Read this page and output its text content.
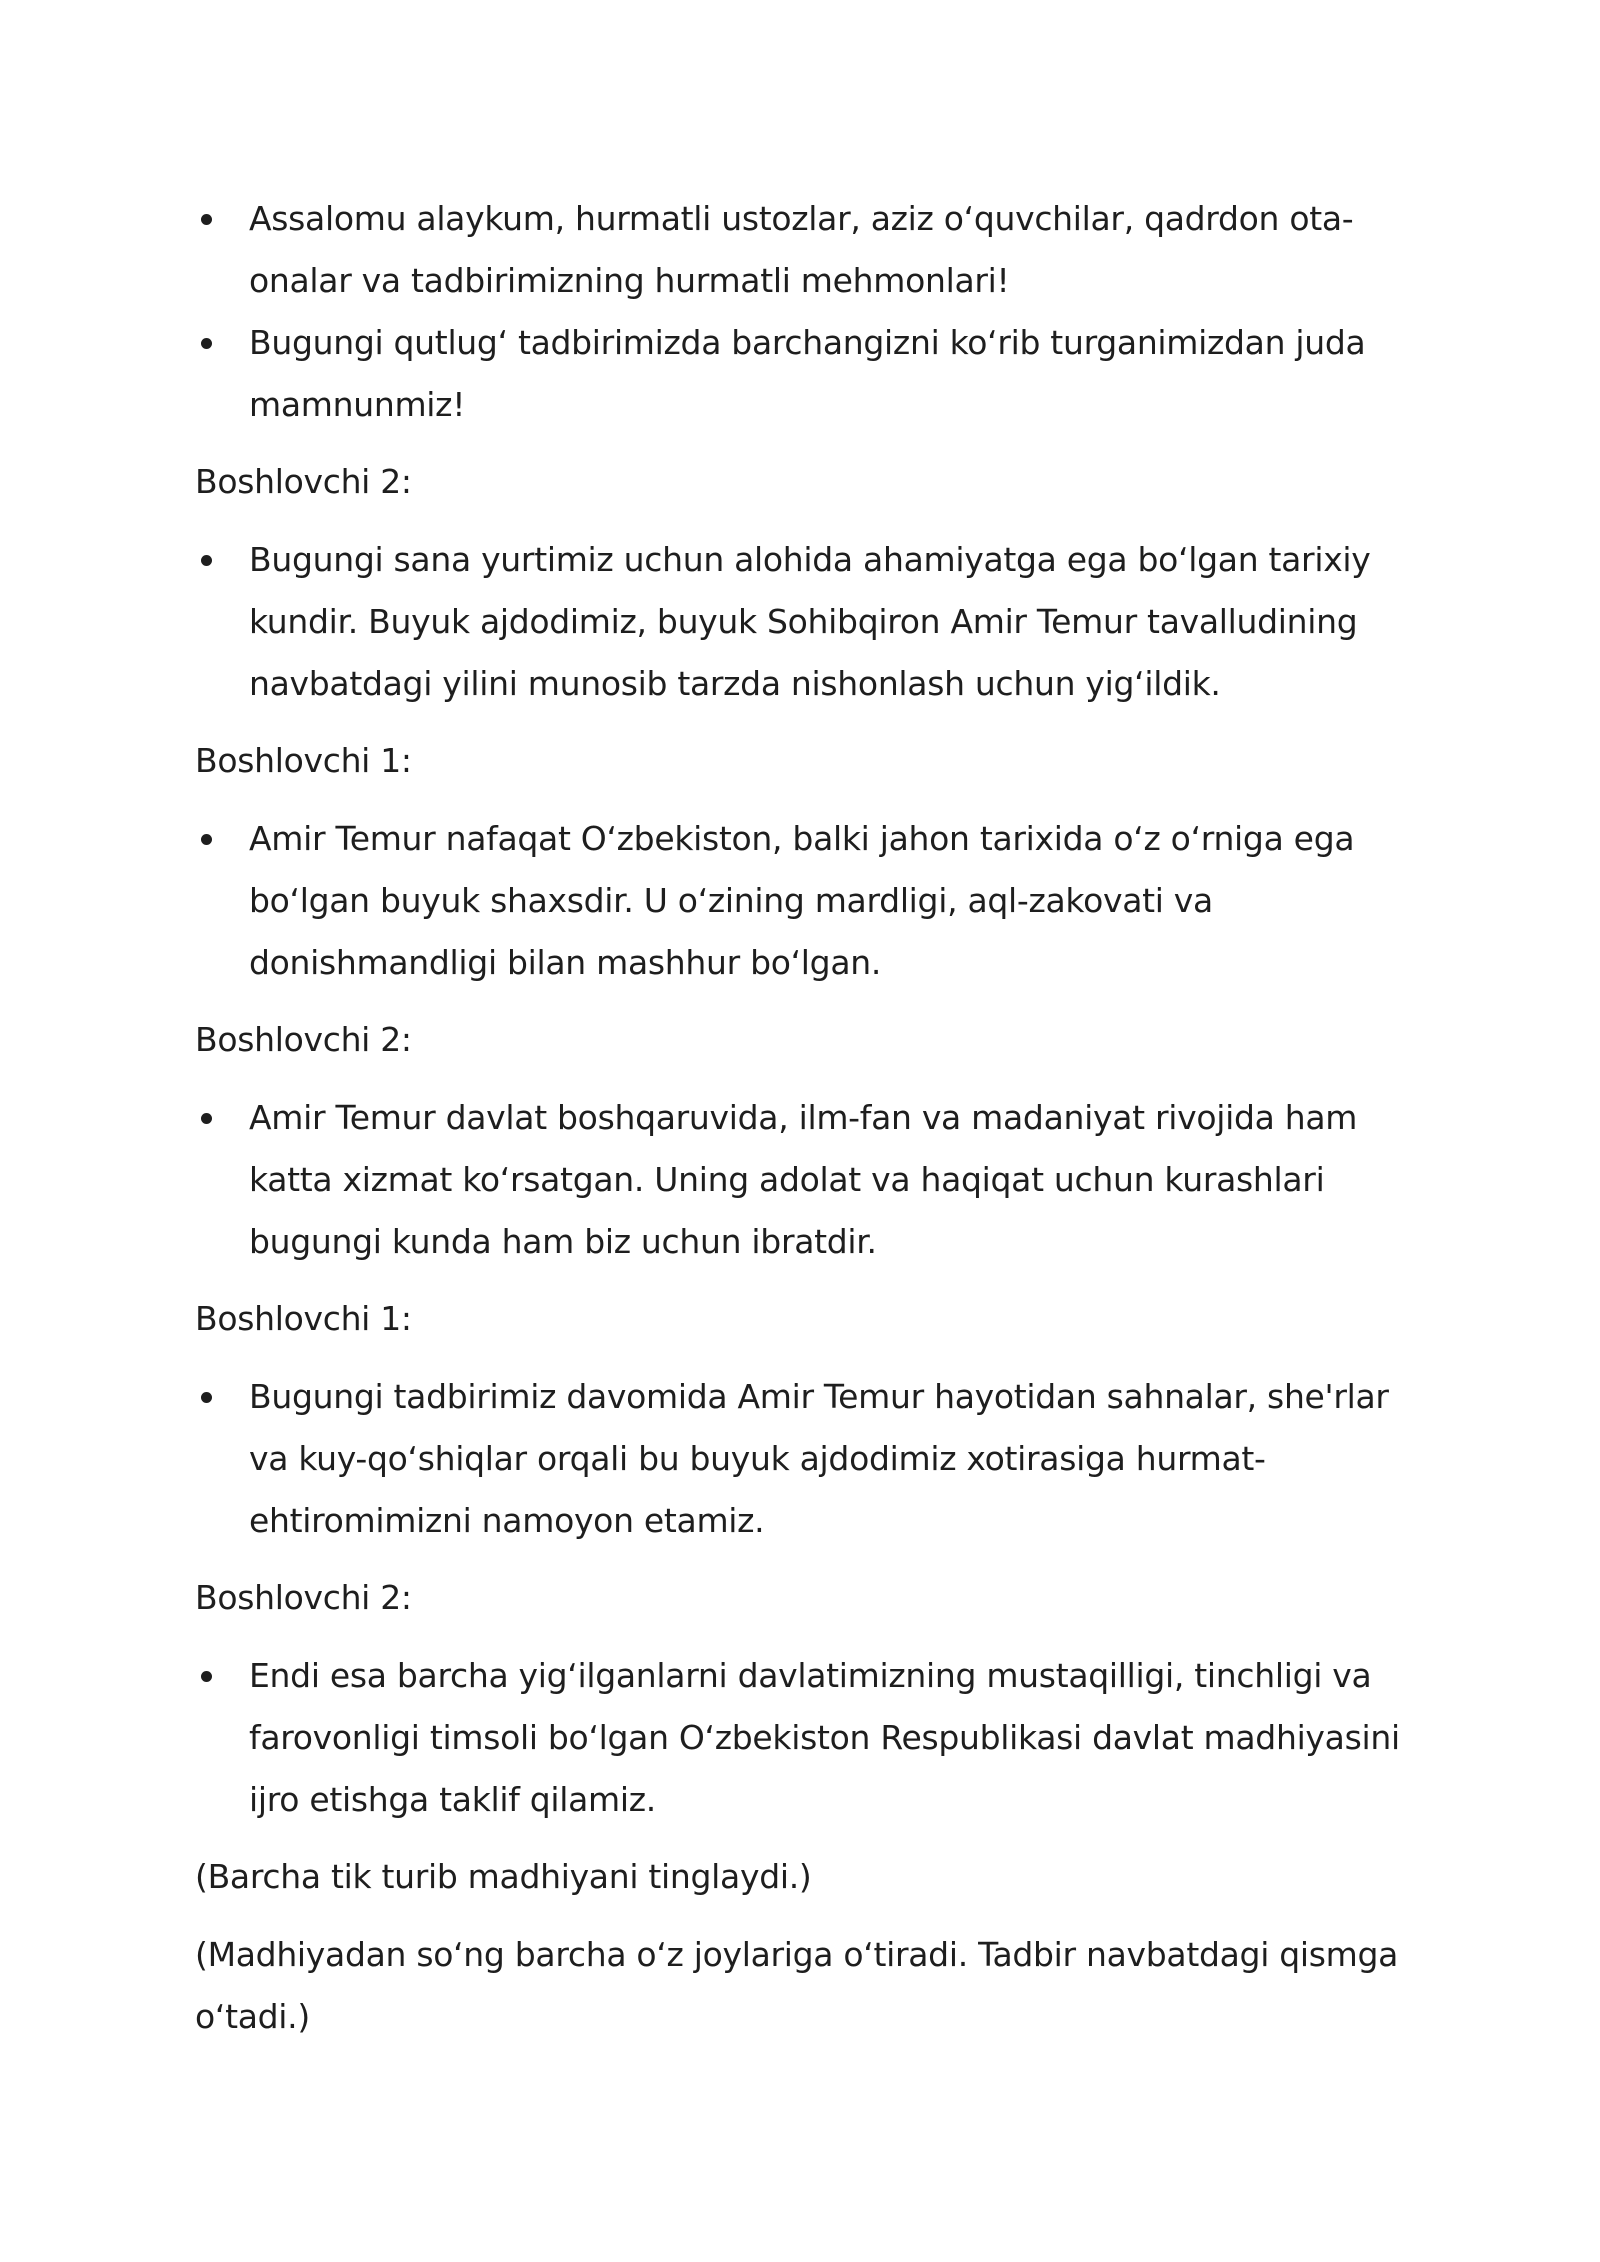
Assalomu alaykum, hurmatli ustozlar, aziz o‘quvchilar, qadrdon ota-onalar va tadbirimizning hurmatli mehmonlari!
Bugungi qutlug‘ tadbirimizda barchangizni ko‘rib turganimizdan juda mamnunmiz!

Boshlovchi 2:

Bugungi sana yurtimiz uchun alohida ahamiyatga ega bo‘lgan tarixiy kundir. Buyuk ajdodimiz, buyuk Sohibqiron Amir Temur tavalludining navbatdagi yilini munosib tarzda nishonlash uchun yig‘ildik.

Boshlovchi 1:

Amir Temur nafaqat O‘zbekiston, balki jahon tarixida o‘z o‘rniga ega bo‘lgan buyuk shaxsdir. U o‘zining mardligi, aql-zakovati va donishmandligi bilan mashhur bo‘lgan.

Boshlovchi 2:

Amir Temur davlat boshqaruvida, ilm-fan va madaniyat rivojida ham katta xizmat ko‘rsatgan. Uning adolat va haqiqat uchun kurashlari bugungi kunda ham biz uchun ibratdir.

Boshlovchi 1:

Bugungi tadbirimiz davomida Amir Temur hayotidan sahnalar, she'rlar va kuy-qo‘shiqlar orqali bu buyuk ajdodimiz xotirasiga hurmat-ehtiromimizni namoyon etamiz.

Boshlovchi 2:

Endi esa barcha yig‘ilganlarni davlatimizning mustaqilligi, tinchligi va farovonligi timsoli bo‘lgan O‘zbekiston Respublikasi davlat madhiyasini ijro etishga taklif qilamiz.

(Barcha tik turib madhiyani tinglaydi.)

(Madhiyadan so‘ng barcha o‘z joylariga o‘tiradi. Tadbir navbatdagi qismga o‘tadi.)
